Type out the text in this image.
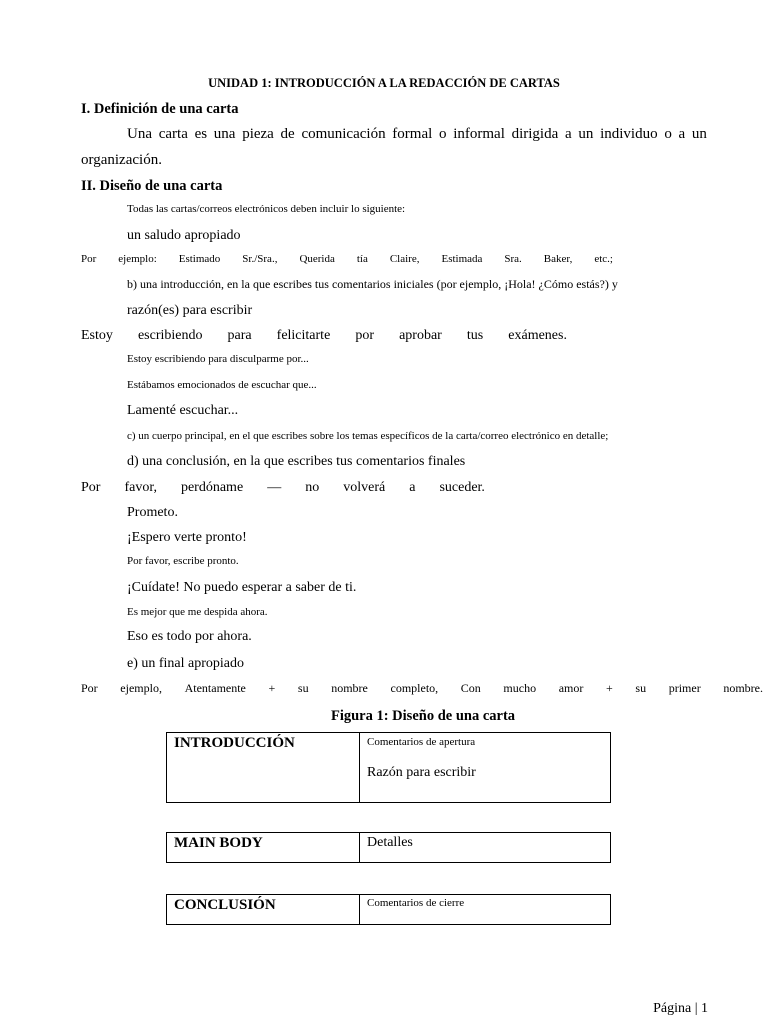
UNIDAD 1: INTRODUCCIÓN A LA REDACCIÓN DE CARTAS
I. Definición de una carta
Una carta es una pieza de comunicación formal o informal dirigida a un individuo o a un
organización.
II. Diseño de una carta
Todas las cartas/correos electrónicos deben incluir lo siguiente:
un saludo apropiado
Por ejemplo: Estimado Sr./Sra., Querida tía Claire, Estimada Sra. Baker, etc.;
b) una introducción, en la que escribes tus comentarios iniciales (por ejemplo, ¡Hola! ¿Cómo estás?) y
razón(es) para escribir
Estoy escribiendo para felicitarte por aprobar tus exámenes.
Estoy escribiendo para disculparme por...
Estábamos emocionados de escuchar que...
Lamenté escuchar...
c) un cuerpo principal, en el que escribes sobre los temas específicos de la carta/correo electrónico en detalle;
d) una conclusión, en la que escribes tus comentarios finales
Por favor, perdóname — no volverá a suceder.
Prometo.
¡Espero verte pronto!
Por favor, escribe pronto.
¡Cuídate! No puedo esperar a saber de ti.
Es mejor que me despida ahora.
Eso es todo por ahora.
e) un final apropiado
Por ejemplo, Atentamente + su nombre completo, Con mucho amor + su primer nombre.
Figura 1: Diseño de una carta
INTRODUCCIÓN	Comentarios de apertura
Razón para escribir
MAIN BODY	Detalles
CONCLUSIÓN	Comentarios de cierre
Página | 1
